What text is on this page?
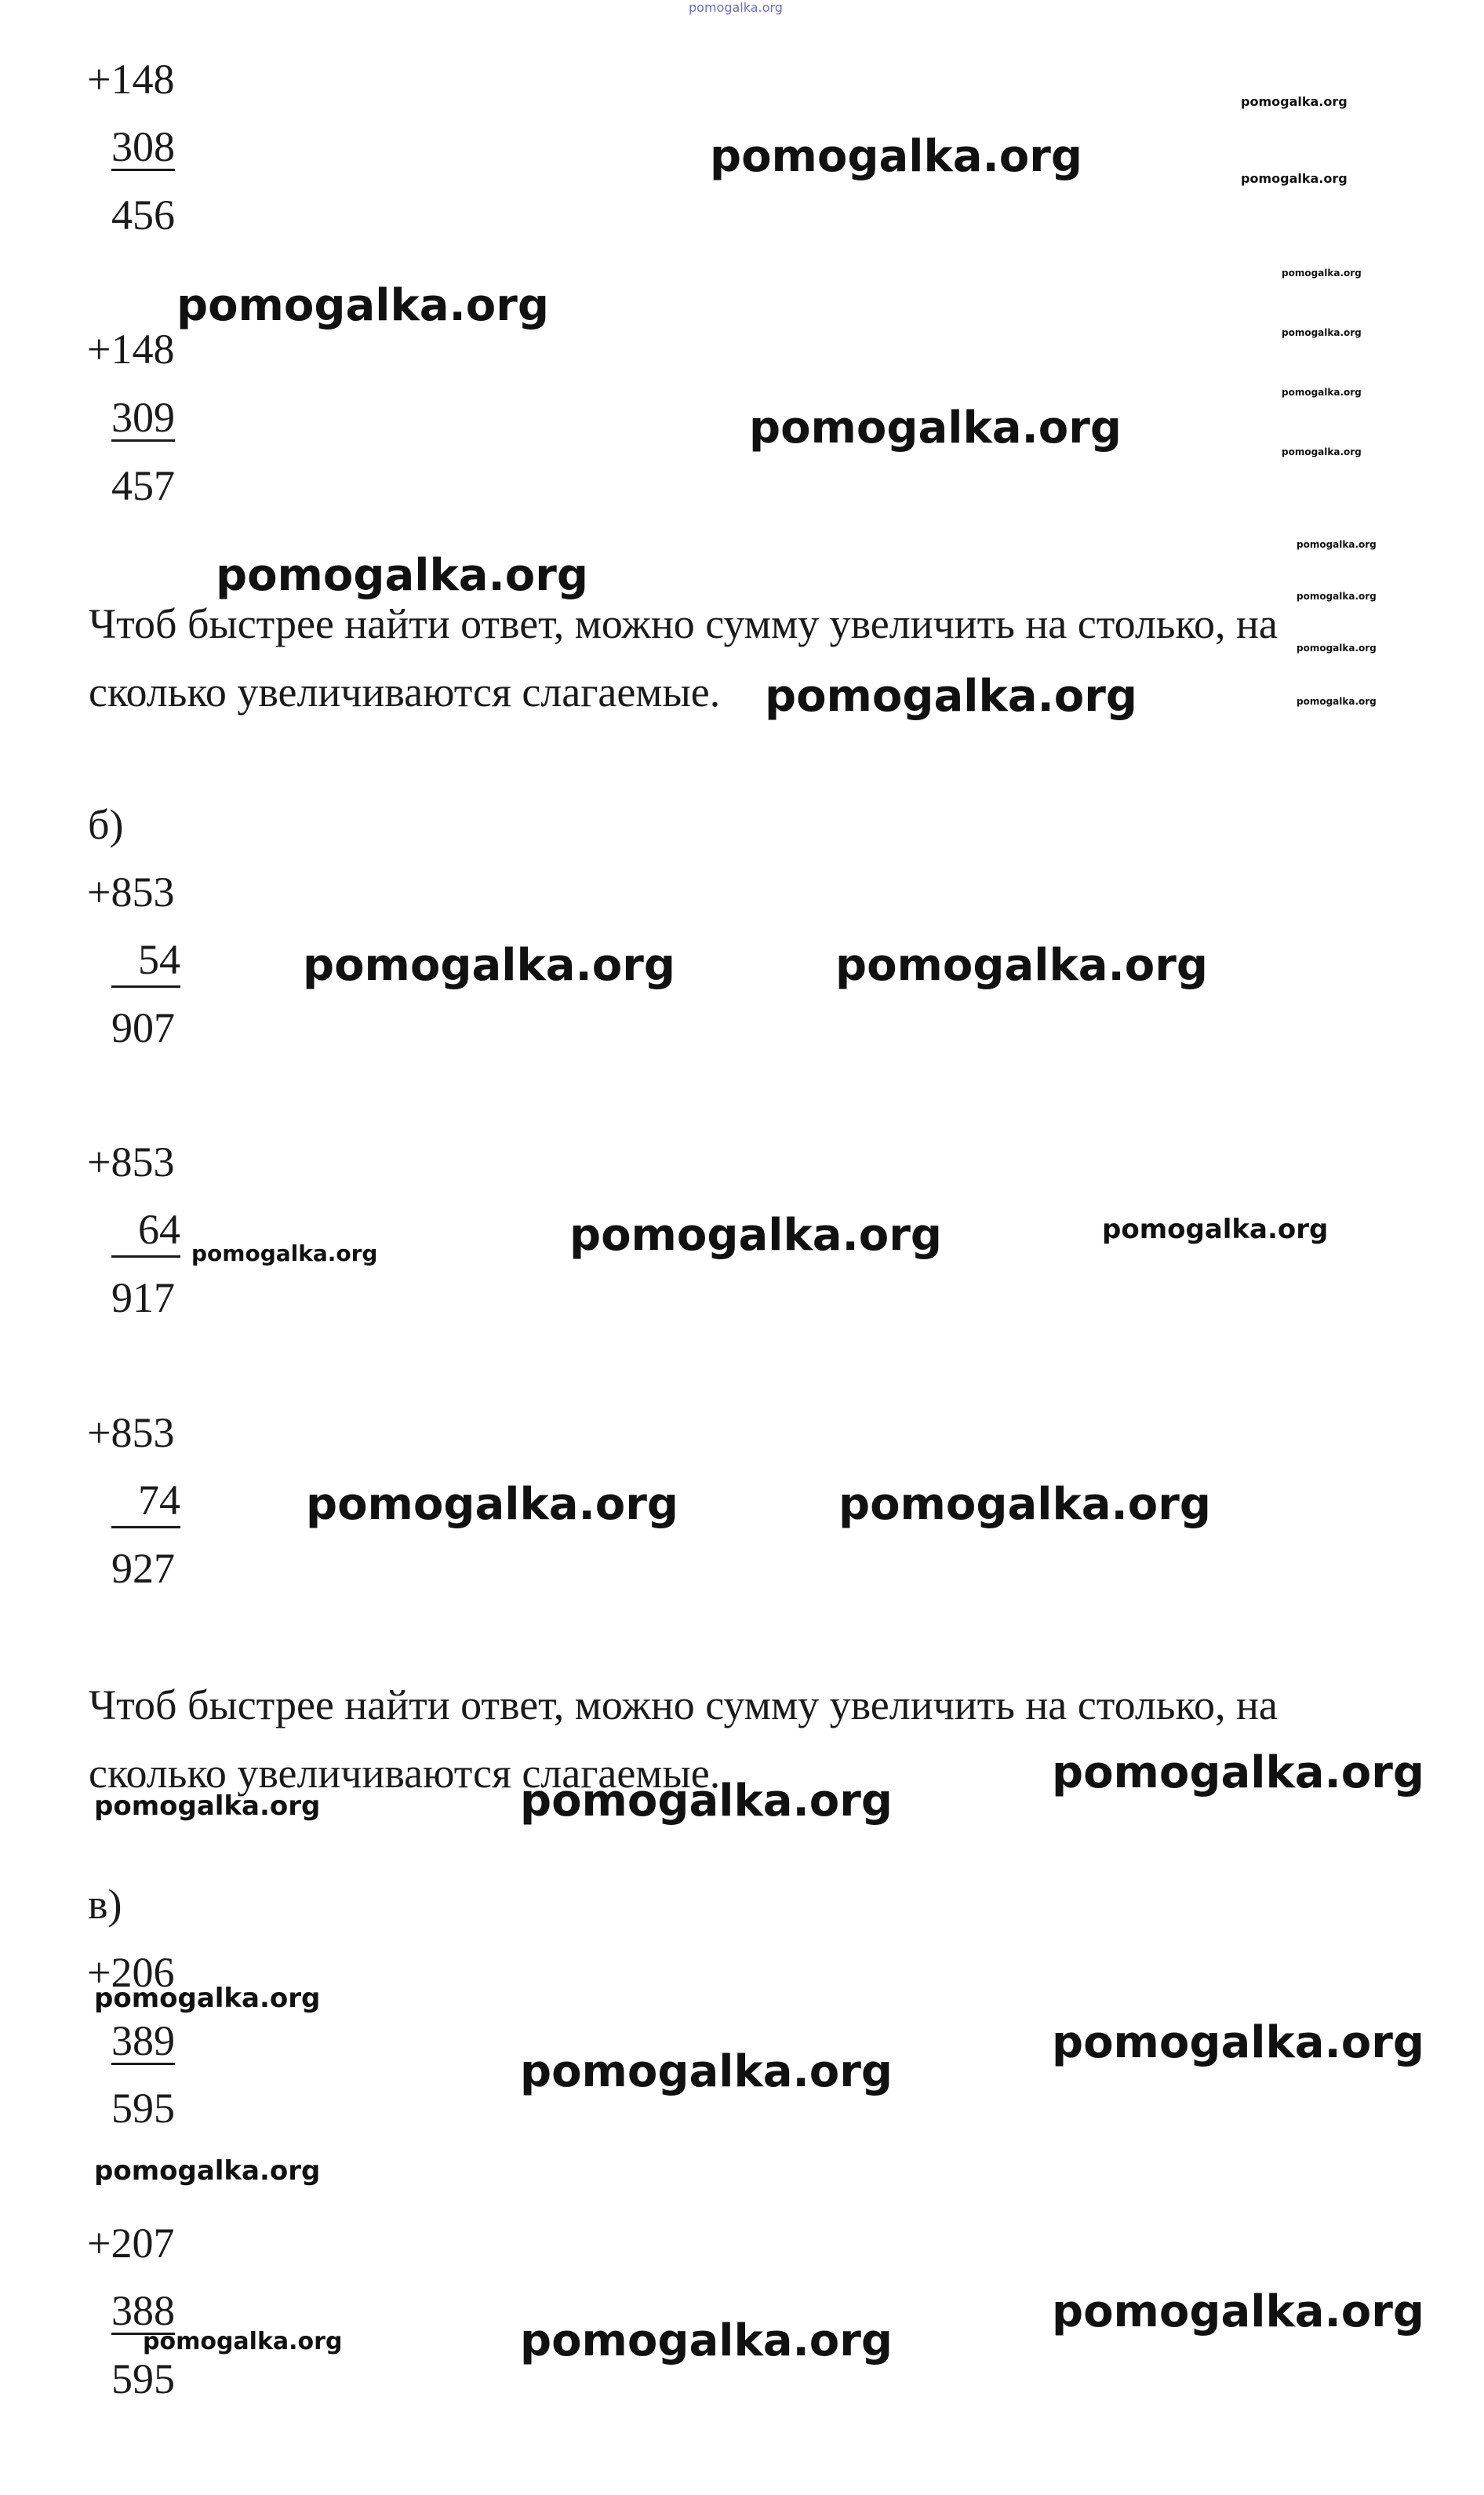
pomogalka.org
+148
308
456
+148
309
457
Чтоб быстрее найти ответ, можно сумму увеличить на столько, на
сколько увеличиваются слагаемые.
б)
+853
54
907
+853
64
917
+853
74
927
Чтоб быстрее найти ответ, можно сумму увеличить на столько, на
сколько увеличиваются слагаемые.
в)
+206
389
595
+207
388
595
pomogalka.org
pomogalka.org
pomogalka.org
pomogalka.org
pomogalka.org
pomogalka.org
pomogalka.org
pomogalka.org
pomogalka.org
pomogalka.org
pomogalka.org
pomogalka.org
pomogalka.org
pomogalka.org
pomogalka.org
pomogalka.org	pomogalka.org
pomogalka.org	pomogalka.org	pomogalka.org
pomogalka.org	pomogalka.org
pomogalka.org	pomogalka.org
pomogalka.org
pomogalka.org
pomogalka.org
pomogalka.org
pomogalka.org
pomogalka.org	pomogalka.org
pomogalka.org
